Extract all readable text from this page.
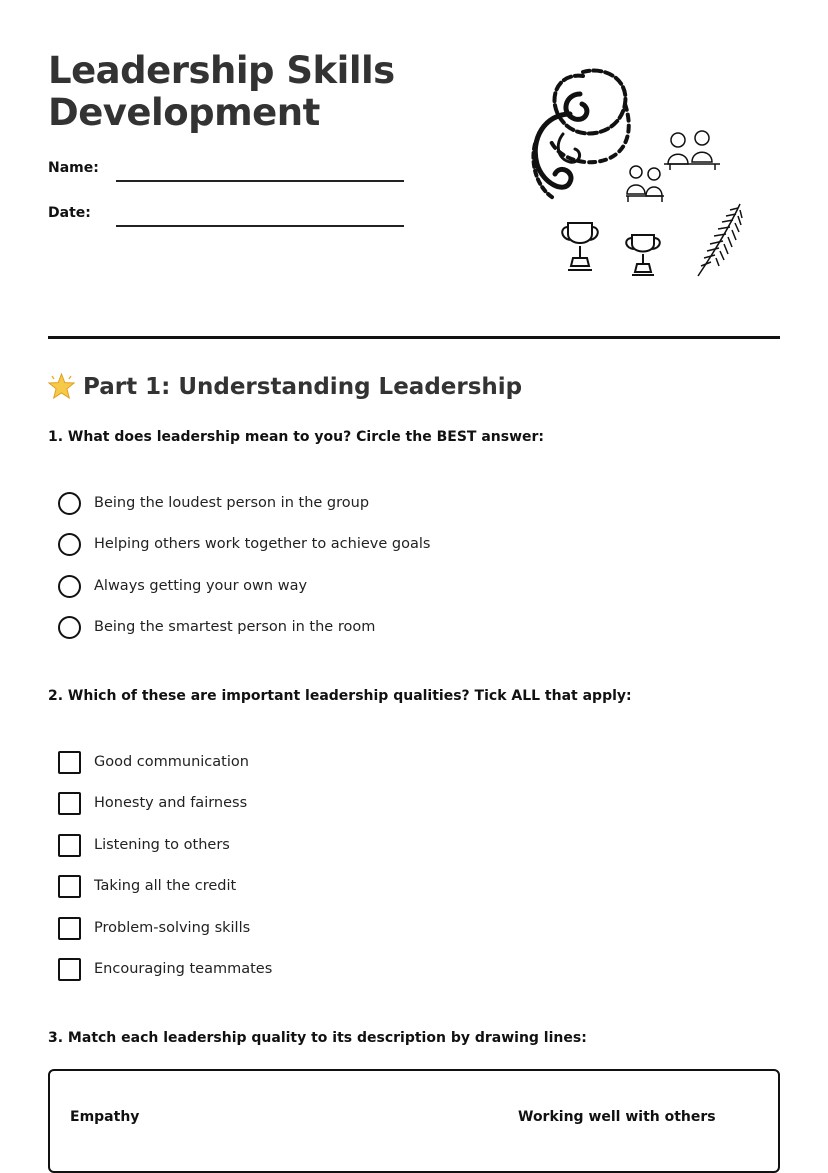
Leadership Skills Development
Name:
Date:
Part 1: Understanding Leadership
1. What does leadership mean to you? Circle the BEST answer:
Being the loudest person in the group
Helping others work together to achieve goals
Always getting your own way
Being the smartest person in the room
2. Which of these are important leadership qualities? Tick ALL that apply:
Good communication
Honesty and fairness
Listening to others
Taking all the credit
Problem-solving skills
Encouraging teammates
3. Match each leadership quality to its description by drawing lines:
Empathy	Working well with others
